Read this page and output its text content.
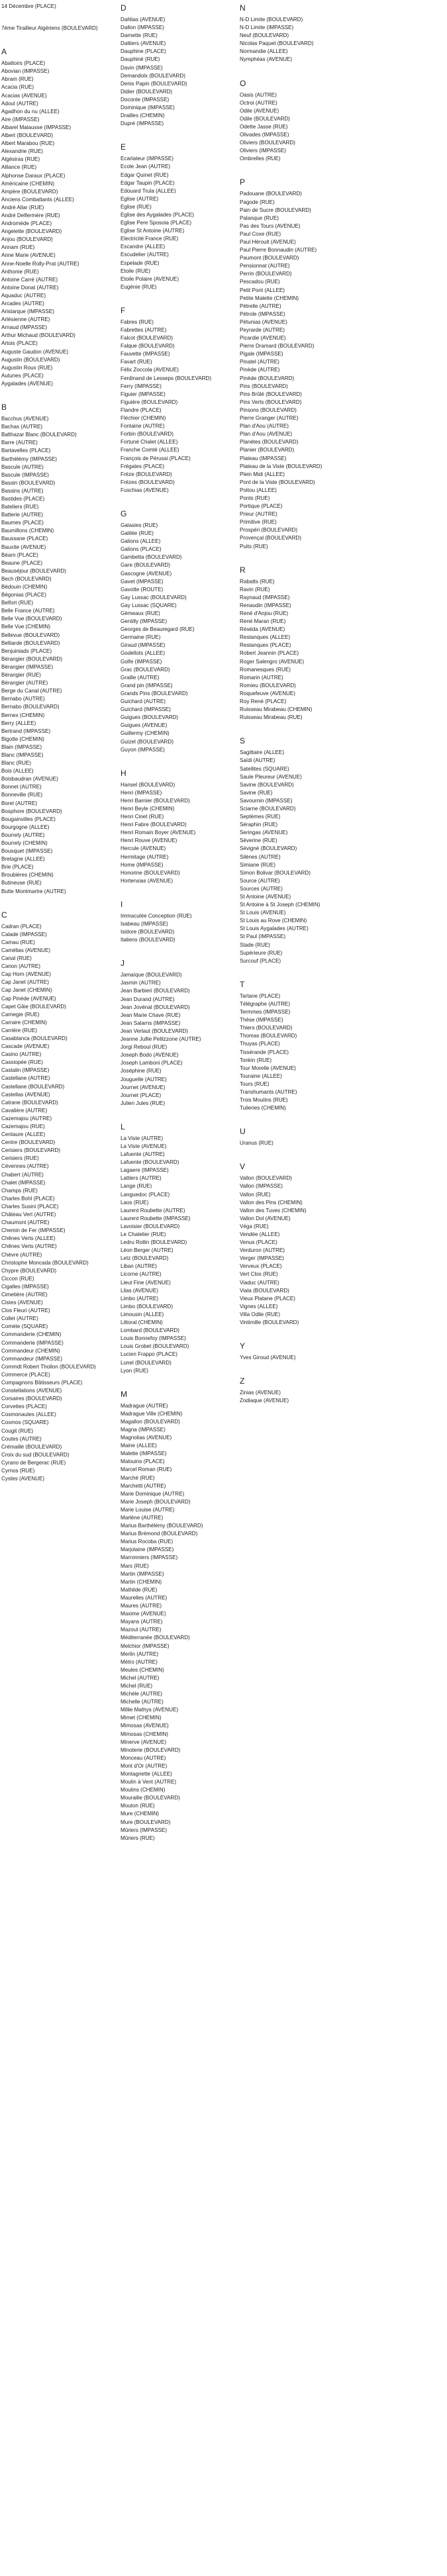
14 Décembre (PLACE)
7ème Tirailleur Algériens (BOULEVARD)
A
Abattoirs (PLACE)
Abovian (IMPASSE)
Abram (RUE)
Acacia (RUE)
Acacias (AVENUE)
Adoul (AUTRE)
Agadhon du nu (ALLEE)
Aire (IMPASSE)
Albarel Malausse (IMPASSE)
Albert (BOULEVARD)
Albert Marabou (RUE)
Alexandrie (RUE)
Algésiras (RUE)
Alliance (RUE)
Alphonse Daraux (PLACE)
Américaine (CHEMIN)
Ampère (BOULEVARD)
Anciens Combattants (ALLEE)
André Allar (RUE)
André Delfermère (RUE)
Andromède (PLACE)
Angelette (BOULEVARD)
Anjou (BOULEVARD)
Annam (RUE)
Anne Marie (AVENUE)
Anne-Noelle Rolly-Prat (AUTRE)
Anthonie (RUE)
Antoine Carré (AUTRE)
Antoine Donat (AUTRE)
Aquaduc (AUTRE)
Arcades (AUTRE)
Aristarque (IMPASSE)
Arlésienne (AUTRE)
Arnaud (IMPASSE)
Arthur Michaud (BOULEVARD)
Artois (PLACE)
Auguste Gaudon (AVENUE)
Augustin (BOULEVARD)
Augustin Roux (RUE)
Autunes (PLACE)
Aygalades (AVENUE)
B
Bacchus (AVENUE)
Bachas (AUTRE)
Balthazar Blanc (BOULEVARD)
Barre (AUTRE)
Bartavelles (PLACE)
Barthélémy (IMPASSE)
Bascule (AUTRE)
Bascule (IMPASSE)
Bassin (BOULEVARD)
Bassins (AUTRE)
Bastides (PLACE)
Bateliers (RUE)
Batterie (AUTRE)
Baumes (PLACE)
Baumillons (CHEMIN)
Baussane (PLACE)
Bauxite (AVENUE)
Béarn (PLACE)
Beaune (PLACE)
Beauséjour (BOULEVARD)
Bech (BOULEVARD)
Bédouin (CHEMIN)
Bégonias (PLACE)
Belfort (RUE)
Belle France (AUTRE)
Belle Vue (BOULEVARD)
Belle Vue (CHEMIN)
Bellevue (BOULEVARD)
Belliarde (BOULEVARD)
Benjuiniads (PLACE)
Bérangier (BOULEVARD)
Bérangier (IMPASSE)
Bérangier (RUE)
Bérangier (AUTRE)
Berge du Canal (AUTRE)
Bernabo (AUTRE)
Bernabo (BOULEVARD)
Bernex (CHEMIN)
Berry (ALLEE)
Bertrand (IMPASSE)
Bigotte (CHEMIN)
Blain (IMPASSE)
Blanc (IMPASSE)
Blanc (RUE)
Bois (ALLEE)
Boisbaudran (AVENUE)
Bonnet (AUTRE)
Bonneville (RUE)
Borel (AUTRE)
Bosphore (BOULEVARD)
Bougainvilles (PLACE)
Bourgogne (ALLEE)
Bourrely (AUTRE)
Bourrely (CHEMIN)
Bousquet (IMPASSE)
Bretagne (ALLEE)
Brie (PLACE)
Broubières (CHEMIN)
Butineuse (RUE)
Butte Montmartre (AUTRE)
C
Cadran (PLACE)
Calade (IMPASSE)
Camau (RUE)
Camélias (AVENUE)
Canal (RUE)
Canon (AUTRE)
Cap Horn (AVENUE)
Cap Janet (AUTRE)
Cap Janet (CHEMIN)
Cap Pinède (AVENUE)
Capet Gâie (BOULEVARD)
Carnegie (RUE)
Carraire (CHEMIN)
Carrière (RUE)
Casablanca (BOULEVARD)
Cascade (AVENUE)
Casino (AUTRE)
Cassiopée (RUE)
Castalin (IMPASSE)
Castellane (AUTRE)
Castellane (BOULEVARD)
Castellas (AVENUE)
Catrane (BOULEVARD)
Cavalière (AUTRE)
Cazemajou (AUTRE)
Cazemajou (RUE)
Centaure (ALLEE)
Centre (BOULEVARD)
Cerisiers (BOULEVARD)
Cerisiers (RUE)
Cévennes (AUTRE)
Chabert (AUTRE)
Chalet (IMPASSE)
Champs (RUE)
Charles Bohl (PLACE)
Charles Susini (PLACE)
Château Vert (AUTRE)
Chaumont (AUTRE)
Chemin de Fer (IMPASSE)
Chênes Verts (ALLEE)
Chênes Verts (AUTRE)
Chèvre (AUTRE)
Christophe Moncada (BOULEVARD)
Chypre (BOULEVARD)
Ciccon (RUE)
Cigalles (IMPASSE)
Cimetière (AUTRE)
Cistes (AVENUE)
Clos Fleuri (AUTRE)
Collet (AUTRE)
Comète (SQUARE)
Commanderie (CHEMIN)
Commanderie (IMPASSE)
Commandeur (CHEMIN)
Commandeur (IMPASSE)
Commdt Robert Thollon (BOULEVARD)
Commerce (PLACE)
Compagnons Bâtisseurs (PLACE)
Constellations (AVENUE)
Corsaires (BOULEVARD)
Corvettes (PLACE)
Cosmonautes (ALLEE)
Cosmos (SQUARE)
Cougit (RUE)
Coutes (AUTRE)
Crémaillé (BOULEVARD)
Croix du sud (BOULEVARD)
Cyrano de Bergerac (RUE)
Cyrnos (RUE)
Cystes (AVENUE)
D
Dahlias (AVENUE)
Dallon (IMPASSE)
Darnette (RUE)
Dattiers (AVENUE)
Dauphine (PLACE)
Dauphiné (RUE)
Davin (IMPASSE)
Demandolx (BOULEVARD)
Denis Papin (BOULEVARD)
Didier (BOULEVARD)
Doconte (IMPASSE)
Dominique (IMPASSE)
Drailles (CHEMIN)
Dupré (IMPASSE)
E
Ecarlateur (IMPASSE)
Ecole Jean (AUTRE)
Edgar Quinet (RUE)
Edgar Taupin (PLACE)
Edouard Trula (ALLEE)
Eglise (AUTRE)
Eglise (RUE)
Eglise des Aygalades (PLACE)
Eglise Pere Sposoia (PLACE)
Eglise St Antoine (AUTRE)
Electricité France (RUE)
Escandre (ALLEE)
Escudelier (AUTRE)
Espelade (RUE)
Etoile (RUE)
Etoile Polaire (AVENUE)
Eugénie (RUE)
F
Fabres (RUE)
Fabrettes (AUTRE)
Falcot (BOULEVARD)
Falque (BOULEVARD)
Fauvette (IMPASSE)
Favart (RUE)
Félix Zoccola (AVENUE)
Ferdinand de Lesseps (BOULEVARD)
Ferry (IMPASSE)
Figuier (IMPASSE)
Figuière (BOULEVARD)
Flandre (PLACE)
Fléchier (CHEMIN)
Fontaine (AUTRE)
Forbin (BOULEVARD)
Fortuné Chalet (ALLEE)
Franche Comté (ALLEE)
François de Pérussi (PLACE)
Frégates (PLACE)
Frèze (BOULEVARD)
Frézes (BOULEVARD)
Fuschias (AVENUE)
G
Galasies (RUE)
Galilée (RUE)
Galions (ALLEE)
Galions (PLACE)
Gambetta (BOULEVARD)
Gare (BOULEVARD)
Gascogne (AVENUE)
Gavet (IMPASSE)
Gavotte (ROUTE)
Gay Lussac (BOULEVARD)
Gay Lussac (SQUARE)
Gémeaux (RUE)
Gentilly (IMPASSE)
Georges de Beauregard (RUE)
Germaine (RUE)
Giraud (IMPASSE)
Godellots (ALLEE)
Golfe (IMPASSE)
Grac (BOULEVARD)
Graille (AUTRE)
Grand pin (IMPASSE)
Grands Pins (BOULEVARD)
Guichard (AUTRE)
Guichard (IMPASSE)
Guigues (BOULEVARD)
Guigues (AVENUE)
Guillermy (CHEMIN)
Guizel (BOULEVARD)
Guyon (IMPASSE)
H
Hansel (BOULEVARD)
Henri (IMPASSE)
Henri Barnier (BOULEVARD)
Henri Beyle (CHEMIN)
Henri Cinet (RUE)
Henri Fabre (BOULEVARD)
Henri Romain Boyer (AVENUE)
Henri Rouve (AVENUE)
Hercule (AVENUE)
Hermitage (AUTRE)
Home (IMPASSE)
Honorine (BOULEVARD)
Hortensias (AVENUE)
I
Immaculée Conception (RUE)
Isabeau (IMPASSE)
Isidore (BOULEVARD)
Italiens (BOULEVARD)
J
Jamaïque (BOULEVARD)
Jasmin (AUTRE)
Jean Barbieri (BOULEVARD)
Jean Durand (AUTRE)
Jean Jovénal (BOULEVARD)
Jean Marie Chave (RUE)
Jean Salarns (IMPASSE)
Jean Verlaut (BOULEVARD)
Jeanne Jullie Pellizzone (AUTRE)
Jorgi Reboul (RUE)
Joseph Bodo (AVENUE)
Joseph Lamboni (PLACE)
Joséphine (RUE)
Jouguelle (AUTRE)
Journet (AVENUE)
Journet (PLACE)
Julien Jules (RUE)
L
La Viste (AUTRE)
La Viste (AVENUE)
Lafuente (AUTRE)
Lafuente (BOULEVARD)
Lagaere (IMPASSE)
Lattiers (AUTRE)
Lange (RUE)
Languedoc (PLACE)
Laos (RUE)
Laurent Roubette (AUTRE)
Laurent Roubette (IMPASSE)
Lavoisier (BOULEVARD)
Le Chatelier (RUE)
Ledru Rollin (BOULEVARD)
Léon Berger (AUTRE)
Letz (BOULEVARD)
Liban (AUTRE)
Licorne (AUTRE)
Lieut Fine (AVENUE)
Lilas (AVENUE)
Limbo (AUTRE)
Limbo (BOULEVARD)
Limousin (ALLEE)
Littoral (CHEMIN)
Lombard (BOULEVARD)
Louis Bonnefoy (IMPASSE)
Louis Grobet (BOULEVARD)
Lucien Frappo (PLACE)
Lunel (BOULEVARD)
Lyon (RUE)
M
Madrague (AUTRE)
Madrague Ville (CHEMIN)
Magallon (BOULEVARD)
Magna (IMPASSE)
Magnolias (AVENUE)
Maine (ALLEE)
Malette (IMPASSE)
Malouins (PLACE)
Marcel Roman (RUE)
Marché (RUE)
Marchetti (AUTRE)
Marie Dominique (AUTRE)
Marie Joseph (BOULEVARD)
Marie Louise (AUTRE)
Marlène (AUTRE)
Marius Barthélémy (BOULEVARD)
Marius Brémond (BOULEVARD)
Marius Rocoba (RUE)
Marjolaine (IMPASSE)
Marronniers (IMPASSE)
Mars (RUE)
Martin (IMPASSE)
Martin (CHEMIN)
Mathilde (RUE)
Maurelles (AUTRE)
Maures (AUTRE)
Maxime (AVENUE)
Mayans (AUTRE)
Mazout (AUTRE)
Méditerranée (BOULEVARD)
Melchior (IMPASSE)
Merlin (AUTRE)
Métro (AUTRE)
Meules (CHEMIN)
Michel (AUTRE)
Michel (RUE)
Michèle (AUTRE)
Michelle (AUTRE)
Millie Mathys (AVENUE)
Mimet (CHEMIN)
Mimosas (AVENUE)
Mimosas (CHEMIN)
Minerve (AVENUE)
Minoterie (BOULEVARD)
Monceau (AUTRE)
Mont d'Or (AUTRE)
Montagnette (ALLEE)
Moulin à Vent (AUTRE)
Moulins (CHEMIN)
Mourailie (BOULEVARD)
Mouton (RUE)
Mure (CHEMIN)
Mure (BOULEVARD)
Mûriers (IMPASSE)
Mûriers (RUE)
N
N-D Limite (BOULEVARD)
N-D Limite (IMPASSE)
Neuf (BOULEVARD)
Nicolas Paquet (BOULEVARD)
Normandie (ALLEE)
Nymphéas (AVENUE)
O
Oasis (AUTRE)
Octroi (AUTRE)
Odile (AVENUE)
Odile (BOULEVARD)
Odette Jasse (RUE)
Olivades (IMPASSE)
Oliviers (BOULEVARD)
Oliviers (IMPASSE)
Ombrelles (RUE)
P
Padouane (BOULEVARD)
Pagode (RUE)
Pain de Sucre (BOULEVARD)
Palanque (RUE)
Pas des Tours (AVENUE)
Paul Coxe (RUE)
Paul Héroult (AVENUE)
Paul Pierre Bonnaudin (AUTRE)
Paumont (BOULEVARD)
Pensionnat (AUTRE)
Perrin (BOULEVARD)
Pescadou (RUE)
Petit Pont (ALLEE)
Petite Malette (CHEMIN)
Pétrelle (AUTRE)
Pétrole (IMPASSE)
Pétunias (AVENUE)
Peyrarde (AUTRE)
Picardie (AVENUE)
Pierre Dramard (BOULEVARD)
Pigale (IMPASSE)
Pinatel (AUTRE)
Pinède (AUTRE)
Pinède (BOULEVARD)
Pins (BOULEVARD)
Pins Brûlé (BOULEVARD)
Pins Verts (BOULEVARD)
Pinsons (BOULEVARD)
Pierre Granger (AUTRE)
Plan d'Aou (AUTRE)
Plan d'Aou (AVENUE)
Planètes (BOULEVARD)
Planier (BOULEVARD)
Plateau (IMPASSE)
Plateau de la Viste (BOULEVARD)
Plein Midi (ALLEE)
Pont de la Viste (BOULEVARD)
Poitou (ALLEE)
Ponts (RUE)
Portique (PLACE)
Prieur (AUTRE)
Primitive (RUE)
Prospéri (BOULEVARD)
Provençal (BOULEVARD)
Puits (RUE)
R
Rabatts (RUE)
Ravin (RUE)
Raynaud (IMPASSE)
Renaudin (IMPASSE)
René d'Anjou (RUE)
René Maran (RUE)
Réséda (AVENUE)
Restanques (ALLEE)
Restanques (PLACE)
Robert Jeannin (PLACE)
Roger Salengro (AVENUE)
Romanesques (RUE)
Romarin (AUTRE)
Romieu (BOULEVARD)
Roquefeuve (AVENUE)
Roy René (PLACE)
Ruisseau Mirabeau (CHEMIN)
Ruisseau Mirabeau (RUE)
S
Sagittaire (ALLEE)
Saïdi (AUTRE)
Satellites (SQUARE)
Saule Pleureur (AVENUE)
Savine (BOULEVARD)
Savine (RUE)
Savournin (IMPASSE)
Sciarne (BOULEVARD)
Septèmes (RUE)
Séraphin (RUE)
Seringas (AVENUE)
Séverine (RUE)
Sévigné (BOULEVARD)
Silènes (AUTRE)
Simiane (RUE)
Simon Bolivar (BOULEVARD)
Source (AUTRE)
Sources (AUTRE)
St Antoine (AVENUE)
St Antoine à St Joseph (CHEMIN)
St Louis (AVENUE)
St Louis au Rove (CHEMIN)
St Louis Aygalades (AUTRE)
St Paul (IMPASSE)
Stade (RUE)
Supérieure (RUE)
Surcouf (PLACE)
T
Tartane (PLACE)
Télégraphe (AUTRE)
Termmes (IMPASSE)
Thèse (IMPASSE)
Thiers (BOULEVARD)
Thomas (BOULEVARD)
Thuyas (PLACE)
Tissérande (PLACE)
Tonkin (RUE)
Tour Morelle (AVENUE)
Touraine (ALLEE)
Tours (RUE)
Transhumants (AUTRE)
Trois Moulins (RUE)
Tuileries (CHEMIN)
U
Uranus (RUE)
V
Vallon (BOULEVARD)
Vallon (IMPASSE)
Vallon (RUE)
Vallon des Pins (CHEMIN)
Vallon des Tuves (CHEMIN)
Vallon Dol (AVENUE)
Véga (RUE)
Vendée (ALLEE)
Venus (PLACE)
Verduron (AUTRE)
Verger (IMPASSE)
Verveux (PLACE)
Vert Clos (RUE)
Viaduc (AUTRE)
Viala (BOULEVARD)
Vieux Platane (PLACE)
Vignes (ALLEE)
Villa Odile (RUE)
Vintimille (BOULEVARD)
Y
Yves Giroud (AVENUE)
Z
Zinias (AVENUE)
Zodiaque (AVENUE)
